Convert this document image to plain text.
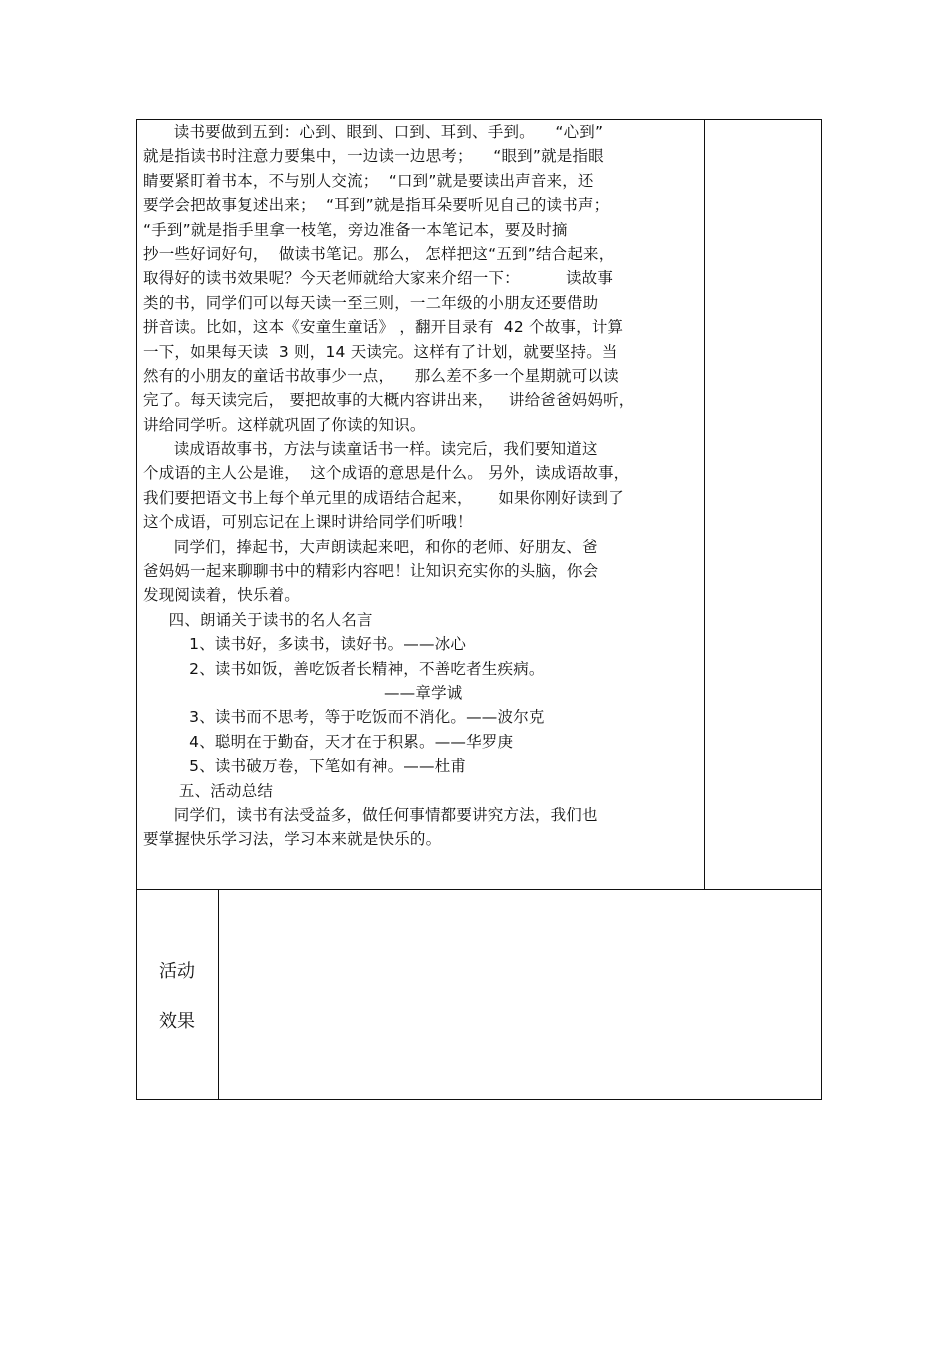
读书要做到五到：心到、眼到、口到、耳到、手到。    “心到”
就是指读书时注意力要集中，一边读一边思考；    “眼到”就是指眼
睛要紧盯着书本，不与别人交流；  “口到”就是要读出声音来，还
要学会把故事复述出来；  “耳到”就是指耳朵要听见自己的读书声；
“手到”就是指手里拿一枝笔，旁边准备一本笔记本，要及时摘
抄一些好词好句，  做读书笔记。那么， 怎样把这“五到”结合起来，
取得好的读书效果呢？今天老师就给大家来介绍一下：         读故事
类的书，同学们可以每天读一至三则，一二年级的小朋友还要借助
拼音读。比如，这本《安童生童话》 ，翻开目录有  42 个故事，计算
一下，如果每天读  3 则，14 天读完。这样有了计划，就要坚持。当
然有的小朋友的童话书故事少一点，    那么差不多一个星期就可以读
完了。每天读完后， 要把故事的大概内容讲出来，   讲给爸爸妈妈听，
讲给同学听。这样就巩固了你读的知识。
读成语故事书，方法与读童话书一样。读完后，我们要知道这
个成语的主人公是谁，  这个成语的意思是什么。 另外，读成语故事，
我们要把语文书上每个单元里的成语结合起来，     如果你刚好读到了
这个成语，可别忘记在上课时讲给同学们听哦！
同学们，捧起书，大声朗读起来吧，和你的老师、好朋友、爸
爸妈妈一起来聊聊书中的精彩内容吧！让知识充实你的头脑，你会
发现阅读着，快乐着。
四、朗诵关于读书的名人名言
1、读书好，多读书，读好书。——冰心
2、读书如饭，善吃饭者长精神，不善吃者生疾病。
——章学诚
3、读书而不思考，等于吃饭而不消化。——波尔克
4、聪明在于勤奋，天才在于积累。——华罗庚
5、读书破万卷，下笔如有神。——杜甫
五、活动总结
同学们，读书有法受益多，做任何事情都要讲究方法，我们也
要掌握快乐学习法，学习本来就是快乐的。
活动
效果
